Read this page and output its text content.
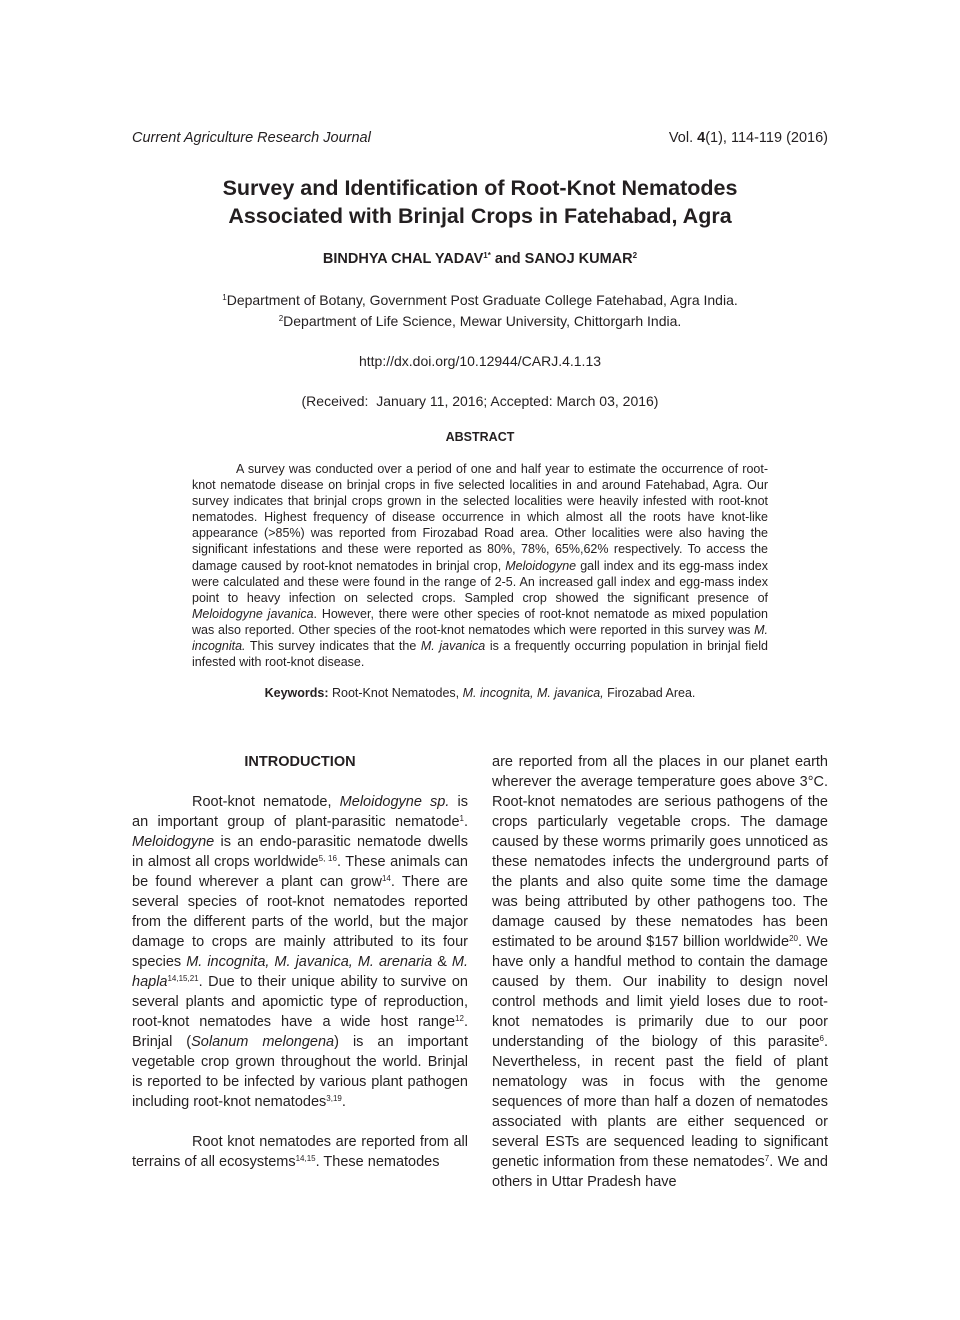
Current Agriculture Research Journal	Vol. 4(1), 114-119 (2016)
Survey and Identification of Root-Knot Nematodes
Associated with Brinjal Crops in Fatehabad, Agra
BINDHYA CHAL $YADAV^{1*}$ and SANOJ KUMAR$^2$
$^1$Department of Botany, Government Post Graduate College Fatehabad, Agra India.
$^2$Department of Life Science, Mewar University, Chittorgarh India.
http://dx.doi.org/10.12944/CARJ.4.1.13
(Received:  January 11, 2016; Accepted: March 03, 2016)
ABSTRACT

A survey was conducted over a period of one and half year to estimate the occurrence of root-knot nematode disease on brinjal crops in five selected localities in and around Fatehabad, Agra. Our survey indicates that brinjal crops grown in the selected localities were heavily infested with root-knot nematodes. Highest frequency of disease occurrence in which almost all the roots have knot-like appearance (>85%) was reported from Firozabad Road area. Other localities were also having the significant infestations and these were reported as 80%, 78%, 65%,62% respectively. To access the damage caused by root-knot nematodes in brinjal crop, Meloidogyne gall index and its egg-mass index were calculated and these were found in the range of 2-5. An increased gall index and egg-mass index point to heavy infection on selected crops. Sampled crop showed the significant presence of Meloidogyne javanica. However, there were other species of root-knot nematode as mixed population was also reported. Other species of the root-knot nematodes which were reported in this survey was M. incognita. This survey indicates that the M. javanica is a frequently occurring population in brinjal field infested with root-knot disease.

Keywords: Root-Knot Nematodes, M. incognita, M. javanica, Firozabad Area.
INTRODUCTION

Root-knot nematode, Meloidogyne sp. is an important group of plant-parasitic nematode$^1$. Meloidogyne is an endo-parasitic nematode dwells in almost all crops worldwide$^{5, 16}$. These animals can be found wherever a plant can grow$^{14}$. There are several species of root-knot nematodes reported from the different parts of the world, but the major damage to crops are mainly attributed to its four species M. incognita, M. javanica, M. arenaria & M. hapla$^{14,15,21}$. Due to their unique ability to survive on several plants and apomictic type of reproduction, root-knot nematodes have a wide host range$^{12}$. Brinjal (Solanum melongena) is an important vegetable crop grown throughout the world. Brinjal is reported to be infected by various plant pathogen including root-knot nematodes$^{3,19}$.

Root knot nematodes are reported from all terrains of all ecosystems$^{14,15}$. These nematodes

are reported from all the places in our planet earth wherever the average temperature goes above 3°C. Root-knot nematodes are serious pathogens of the crops particularly vegetable crops. The damage caused by these worms primarily goes unnoticed as these nematodes infects the underground parts of the plants and also quite some time the damage was being attributed by other pathogens too. The damage caused by these nematodes has been estimated to be around $157 billion worldwide$^{20}$. We have only a handful method to contain the damage caused by them. Our inability to design novel control methods and limit yield loses due to root-knot nematodes is primarily due to our poor understanding of the biology of this parasite$^6$. Nevertheless, in recent past the field of plant nematology was in focus with the genome sequences of more than half a dozen of nematodes associated with plants are either sequenced or several ESTs are sequenced leading to significant genetic information from these nematodes$^7$. We and others in Uttar Pradesh have
